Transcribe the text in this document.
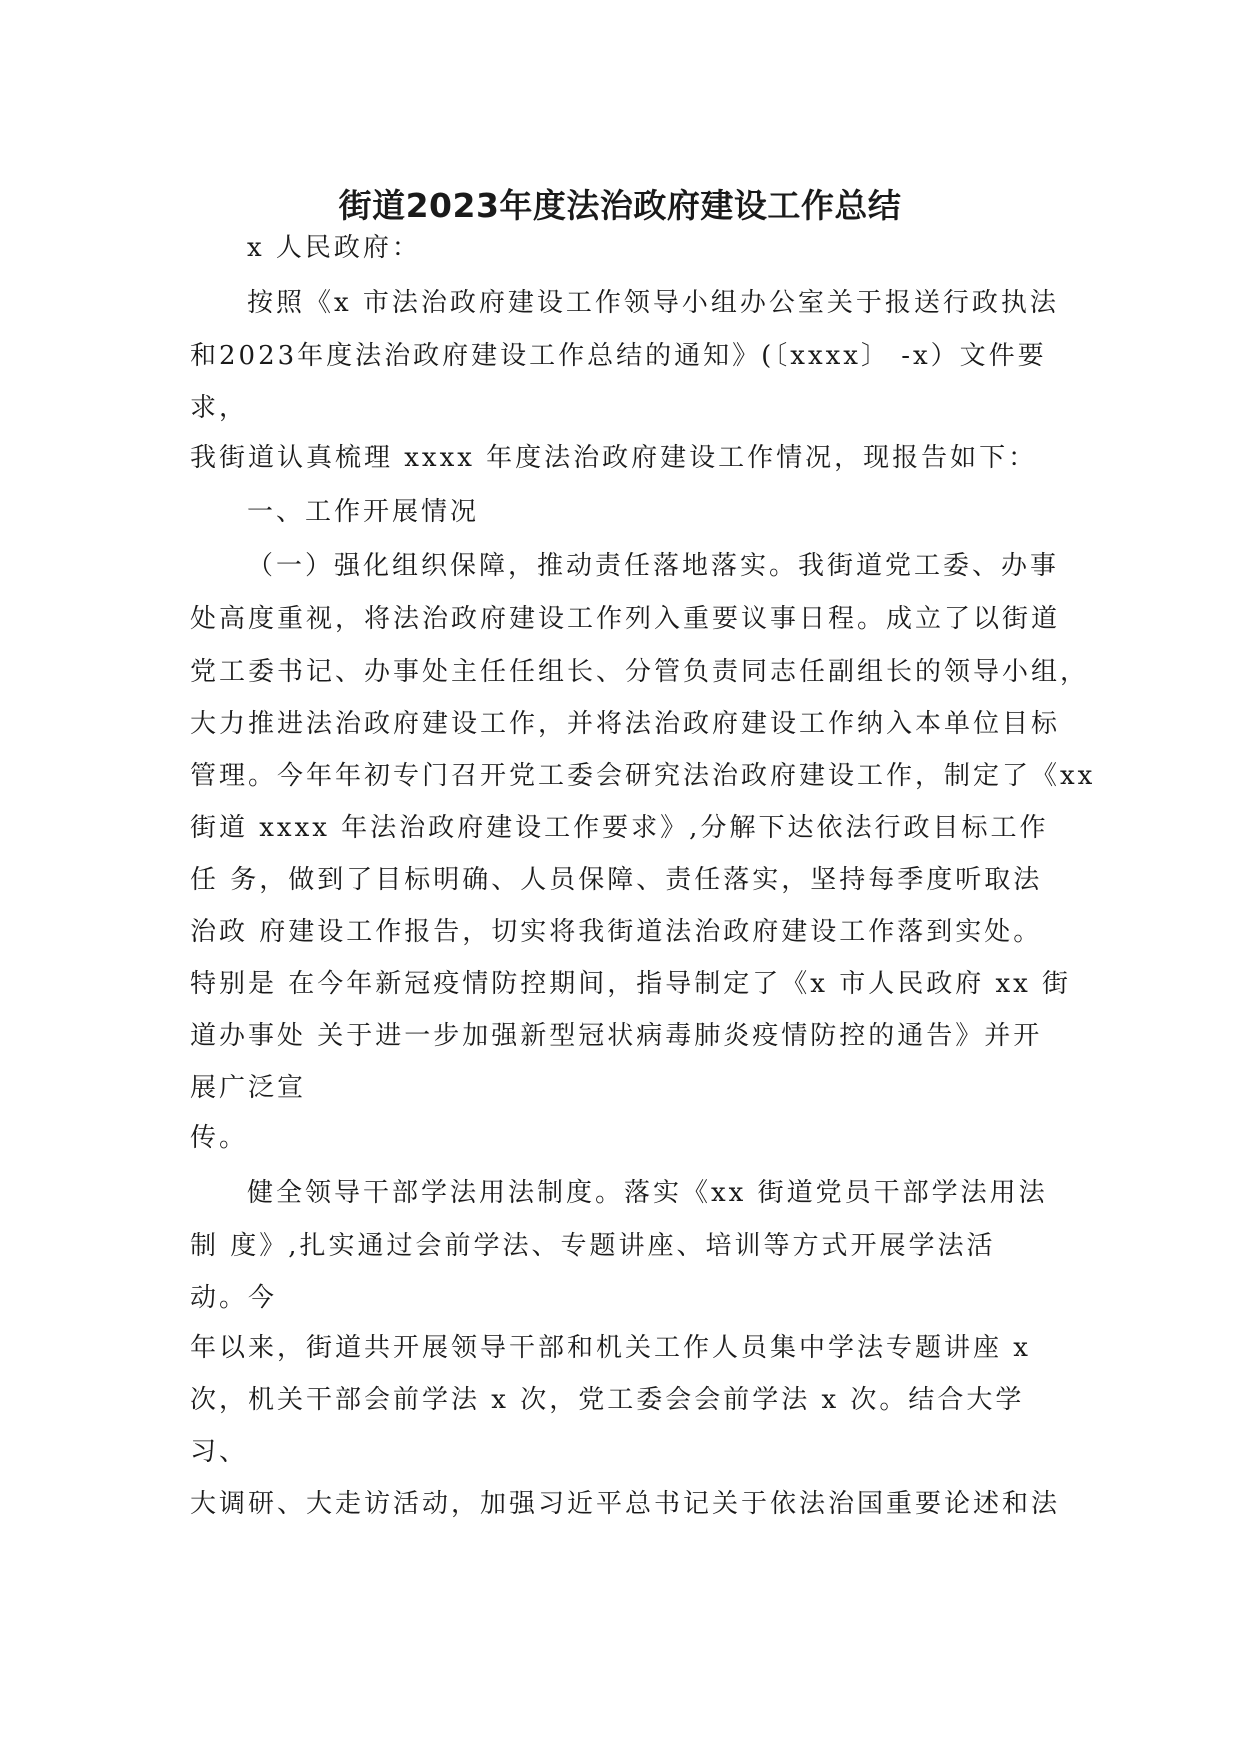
街道2023年度法治政府建设工作总结
x 人民政府：
按照《x 市法治政府建设工作领导小组办公室关于报送行政执法
和2023年度法治政府建设工作总结的通知》(〔xxxx〕 -x）文件要
求，
我街道认真梳理 xxxx 年度法治政府建设工作情况，现报告如下：
一、工作开展情况
（一）强化组织保障，推动责任落地落实。我街道党工委、办事
处高度重视，将法治政府建设工作列入重要议事日程。成立了以街道
党工委书记、办事处主任任组长、分管负责同志任副组长的领导小组，
大力推进法治政府建设工作，并将法治政府建设工作纳入本单位目标
管理。今年年初专门召开党工委会研究法治政府建设工作，制定了《xx
街道 xxxx 年法治政府建设工作要求》,分解下达依法行政目标工作
任 务，做到了目标明确、人员保障、责任落实，坚持每季度听取法
治政 府建设工作报告，切实将我街道法治政府建设工作落到实处。
特别是 在今年新冠疫情防控期间，指导制定了《x 市人民政府 xx 街
道办事处 关于进一步加强新型冠状病毒肺炎疫情防控的通告》并开
展广泛宣
传。
健全领导干部学法用法制度。落实《xx 街道党员干部学法用法
制 度》,扎实通过会前学法、专题讲座、培训等方式开展学法活
动。今
年以来，街道共开展领导干部和机关工作人员集中学法专题讲座 x
次，机关干部会前学法 x 次，党工委会会前学法 x 次。结合大学
习、
大调研、大走访活动，加强习近平总书记关于依法治国重要论述和法
